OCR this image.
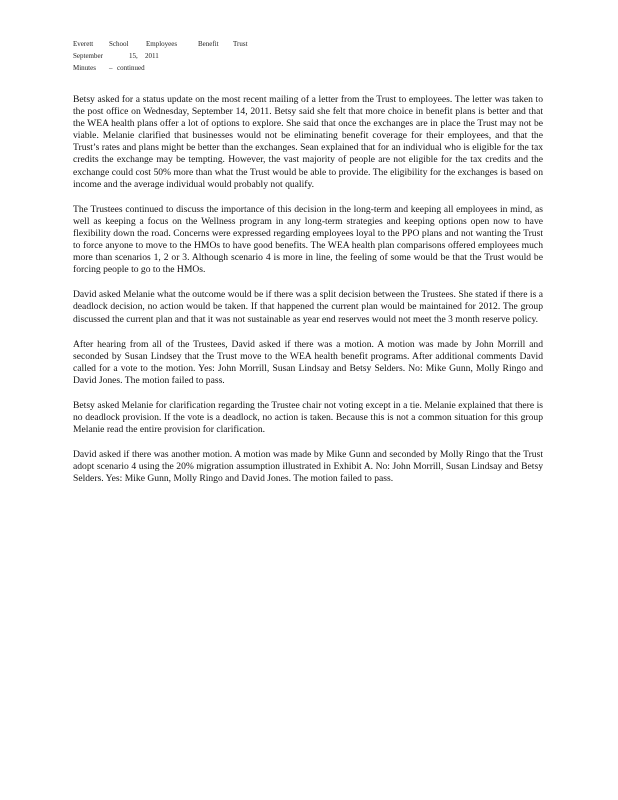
Everett School	Employees	Benefit Trust
September	15, 2011
Minutes – continued

Betsy asked for a status update on the most recent mailing of a letter from the Trust to employees. The letter was taken to the post office on Wednesday, September 14, 2011. Betsy said she felt that more choice in benefit plans is better and that the WEA health plans offer a lot of options to explore. She said that once the exchanges are in place the Trust may not be viable. Melanie clarified that businesses would not be eliminating benefit coverage for their employees, and that the Trust’s rates and plans might be better than the exchanges. Sean explained that for an individual who is eligible for the tax credits the exchange may be tempting. However, the vast majority of people are not eligible for the tax credits and the exchange could cost 50% more than what the Trust would be able to provide. The eligibility for the exchanges is based on income and the average individual would probably not qualify.

The Trustees continued to discuss the importance of this decision in the long-term and keeping all employees in mind, as well as keeping a focus on the Wellness program in any long-term strategies and keeping options open now to have flexibility down the road. Concerns were expressed regarding employees loyal to the PPO plans and not wanting the Trust to force anyone to move to the HMOs to have good benefits. The WEA health plan comparisons offered employees much more than scenarios 1, 2 or 3. Although scenario 4 is more in line, the feeling of some would be that the Trust would be forcing people to go to the HMOs.

David asked Melanie what the outcome would be if there was a split decision between the Trustees. She stated if there is a deadlock decision, no action would be taken. If that happened the current plan would be maintained for 2012. The group discussed the current plan and that it was not sustainable as year end reserves would not meet the 3 month reserve policy.

After hearing from all of the Trustees, David asked if there was a motion. A motion was made by John Morrill and seconded by Susan Lindsey that the Trust move to the WEA health benefit programs. After additional comments David called for a vote to the motion. Yes: John Morrill, Susan Lindsay and Betsy Selders. No: Mike Gunn, Molly Ringo and David Jones. The motion failed to pass.

Betsy asked Melanie for clarification regarding the Trustee chair not voting except in a tie. Melanie explained that there is no deadlock provision. If the vote is a deadlock, no action is taken. Because this is not a common situation for this group Melanie read the entire provision for clarification.

David asked if there was another motion. A motion was made by Mike Gunn and seconded by Molly Ringo that the Trust adopt scenario 4 using the 20% migration assumption illustrated in Exhibit A. No: John Morrill, Susan Lindsay and Betsy Selders. Yes: Mike Gunn, Molly Ringo and David Jones. The motion failed to pass.
